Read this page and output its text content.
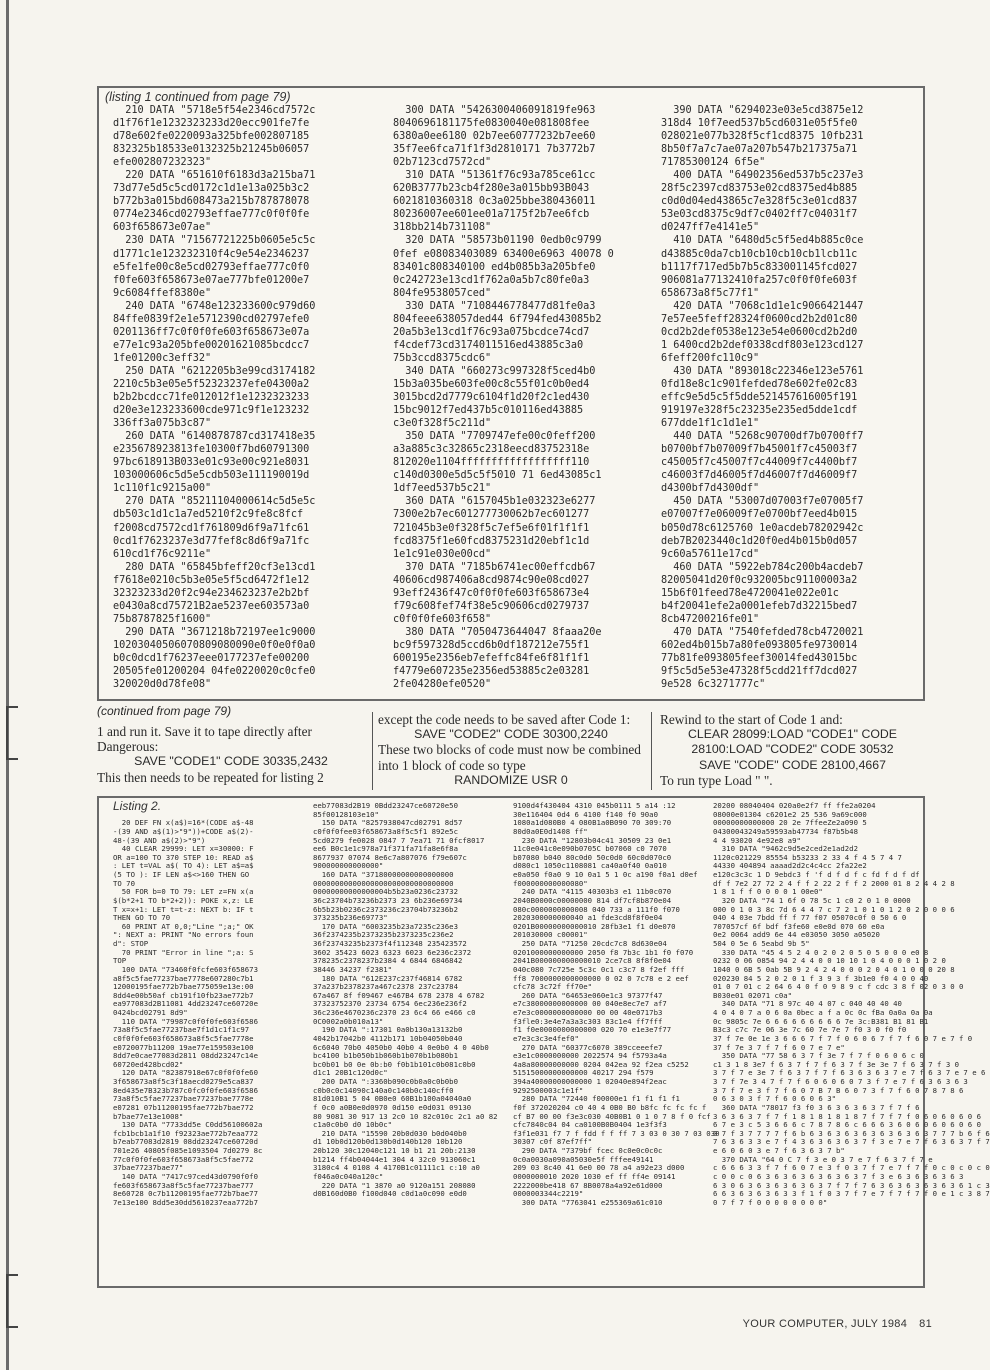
(listing 1 continued from page 79)
210 DATA "5718e5f54e2346cd7572c
d1f76f1e1232323233d20ecc901fe7fe
d78e602fe0220093a325bfe002807185
832325b18533e0132325b21245b06057
efe002807232323"
220 DATA "651610f6183d3a215ba71
73d77e5d5c5cd0172c1d1e13a025b3c2
b772b3a015bd608473a215b787878078
0774e2346cd02793effae777c0f0f0fe
603f658673e07ae"
230 DATA "71567721225b0605e5c5c
d1771c1e123232310f4c9e54e2346237
e5fe1fe00c8e5cd02793effae777c0f0
f0fe603f658673e07ae777bfe01200e7
9c6084ffef8380e"
240 DATA "6748e123233600c979d60
84ffe0839f2e1e5712390cd02797efe0
0201136ff7c0f0f0fe603f658673e07a
e77e1c93a205bfe00201621085bcdcc7
1fe01200c3eff32"
250 DATA "6212205b3e99cd3174182
2210c5b3e05e5f52323237efe04300a2
b2b2bcdcc71fe012012f1e1232323233
d20e3e123233600cde971c9f1e123232
336ff3a075b3c87"
260 DATA "6140878787cd317418e35
e235678923813fe10300f7bd60791300
97bc618913B033e01c93e00c921e8031
103000606c5d5e5cdb503e111190019d
1c110f1c9215a00"
270 DATA "85211104000614c5d5e5c
db503c1d1c1a7ed5210f2c9fe8c8fcf
f2008cd7572cd1f761809d6f9a71fc61
0cd1f7623237e3d77fef8c8d6f9a71fc
610cd1f76c9211e"
280 DATA "65845bfeff20cf3e13cd1
f7618e0210c5b3e05e5f5cd6472f1e12
32323233d20f2c94e234623237e2b2bf
e0430a8cd75721B2ae5237ee603573a0
75b8787825f1600"
290 DATA "3671218b72197ee1c9000
10203040506070809080090e0f0e0f0a0
b0c0dcd1f76237eee0177237efe00200
20505fe01200204 04fe0220020c0cfe0
320020d0d78fe08"
300 DATA "5426300406091819fe963
8040696181175fe0830040e081808fee
6380a0ee6180 02b7ee60777232b7ee60
35f7ee6fca71f1f3d2810171 7b3772b7
02b7123cd7572cd"
310 DATA "51361f76c93a785ce61cc
620B3777b23cb4f280e3a015bb93B043
6021810360318 0c3a025bbe380436011
80236007ee601ee01a7175f2b7ee6fcb
318bb214b731108"
320 DATA "58573b01190 0edb0c9799
0fef e08083403089 63400e6963 40078 0
83401c808340100 ed4b085b3a205bfe0
0c242723e13cd1f762a0a5b7c80fe0a3
804fe9538057ced"
330 DATA "7108446778477d81fe0a3
804feee638057ded44 6f794fed43085b2
20a5b3e13cd1f76c93a075bcdce74cd7
f4cdef73cd3174011516ed43885c3a0
75b3ccd8375cdc6"
340 DATA "660273c997328f5ced4b0
15b3a035be603fe00c8c55f01c0b0ed4
3015bcd2d7779c6104f1d20f2c1ed430
15bc9012f7ed437b5c010116ed43885
c3e0f328f5c211d"
350 DATA "7709747efe00c0feff200
a3a885c3c32865c2318eecd83752318e
812020e1104ffffffffffffffffff110
c140d0300e5d5c5f5010 71 6ed43085c1
1df7eed537b5c21"
360 DATA "6157045b1e032323e6277
7300e2b7ec601277730062b7ec601277
721045b3e0f328f5c7ef5e6f01f1f1f1
fcd8375f1e60fcd8375231d20ebf1c1d
1e1c91e030e00cd"
370 DATA "7185b6741ec00effcdb67
40606cd987406a8cd9874c90e08cd027
93eff2436f47c0f0f0fe603f658673e4
f79c608fef74f38e5c90606cd0279737
c0f0f0fe603f658"
380 DATA "7050473644047 8faaa20e
bc9f597328d5ccd6b0df187212e755f1
600195e2356eb7efeffc84fe6f81f1f1
f4779e607235e2356ed53885c2e03281
2fe04280efe0520"
390 DATA "6294023e03e5cd3875e12
318d4 10f7eed537b5cd6031e05f5fe0
028021e077b328f5cf1cd8375 10fb231
8b50f7a7c7ae07a207b547b217375a71
71785300124 6f5e"
400 DATA "64902356ed537b5c237e3
28f5c2397cd83753e02cd8375ed4b885
c0d0d04ed43865c7e328f5c3e01cd837
53e03cd8375c9df7c0402ff7c04031f7
d0247ff7e4141e5"
410 DATA "6480d5c5f5ed4b885c0ce
d43885c0da7cb10cb10cb10cb1lcb11c
b1117f717ed5b7b5c833001145fcd027
906081a77132410fa257c0f0f0fe603f
658673a8f5c77f1"
420 DATA "7068c1d1e1c9066421447
7e57ee5feff28324f0600cd2b2d01c80
0cd2b2def0538e123e54e0600cd2b2d0
1 6400cd2b2def0338cdf803e123cd127
6feff200fc110c9"
430 DATA "893018c22346e123e5761
0fd18e8c1c901fefded78e602fe02c83
effc9e5d5c5f5dde521457616005f191
919197e328f5c23235e235ed5dde1cdf
677dde1f1c1d1e1"
440 DATA "5268c90700df7b0700ff7
b0700bf7b07009f7b45001f7c45003f7
c45005f7c45007f7c44009f7c4400bf7
c46003f7d46005f7d46007f7d46009f7
d4300bf7d4300df"
450 DATA "53007d07003f7e07005f7
e07007f7e06009f7e0700bf7eed4b015
b050d78c6125760 1e0acdeb78202942c
deb7B2023440c1d20f0ed4b015b0d057
9c60a57611e17cd"
460 DATA "5922eb784c200b4acdeb7
82005041d20f0c932005bc91100003a2
15b6f01feed78e4720041e022e01c
b4f20041efe2a0001efeb7d32215bed7
8cb47200216fe01"
470 DATA "7540fefded78cb4720021
602ed4b015b7a80fe093805fe9730014
77b81fe093805feef30014fed43015bc
9f5c5d5e53e47328f5cdd21ff7dcd027
9e528 6c3271777c"
(continued from page 79)
1 and run it. Save it to tape directly after Dangerous:
SAVE "CODE1" CODE 30335,2432
This then needs to be repeated for listing 2
except the code needs to be saved after Code 1:
SAVE "CODE2" CODE 30300,2240
These two blocks of code must now be combined into 1 block of code so type
RANDOMIZE USR 0
Rewind to the start of Code 1 and:
CLEAR 28099:LOAD "CODE1" CODE
28100:LOAD "CODE2" CODE 30532
SAVE "CODE" CODE 28100,4667
To run type Load " ".
Listing 2.

20 DEF FN x(a$)=16*(CODE a$-48
-(39 AND a$(1)>"9"))+CODE a$(2)-
48-(39 AND a$(2)>"9")
40 CLEAR 29999: LET x=30000: F
OR a=100 TO 370 STEP 10: READ a$
: LET t=VAL a$( TO 4): LET a$=a$
(5 TO ): IF LEN a$<>160 THEN GO
TO 70
50 FOR b=0 TO 79: LET z=FN x(a
$(b*2+1 TO b*2+2)): POKE x,z: LE
T x=x+1: LET t=t-z: NEXT b: IF t
THEN GO TO 70
60 PRINT AT 0,0;"Line ";a;" OK
": NEXT a: PRINT "No errors foun
d": STOP
70 PRINT "Error in line ";a: S
TOP
100 DATA "73460f0fcfe603f658673
a8f5c5fae77237bae7778e607280c7b1
12000195fae772b7bae775059e13e:00
8dd4e00b50af cb191f10fb23ae772b7
ea977083d2B11081 4dd23247ce60720e
0424bcd02791 8d9"
110 DATA "79987c0f0f0fe603f6586
73a8f5c5fae77237bae7f1d1c1f1c97
c0f0f0fe603f658673a8f5c5fae7778e
e0720077b11200 19ae77e159503e100
8dd7e0cae77083d2811 08dd23247c14e
60720ed428bcd02"
120 DATA "82387918e67c0f0f0fe60
3f658673a8f5c3f18aecd0279e5ca837
8ed435e7B323b787c0fc0f0fe603f6586
73a8f5c5fae77237bae77237bae7778e
e07281 07b11200195fae772b7bae772
b7bae77e13e1008"
130 DATA "7733dd5e C0dd56100602a
fcb1bcb1a1f10 f92323ae772b7eaa772
b7eab77083d2819 08dd23247ce60720d
701e26 40805f085e1093504 7d0279 8c
77c0f0f0fe603f658673a8f5c5fae772
37bae77237bae77"
140 DATA "7417c97ced43d0790f0f0
fe603f658673a8f5c5fae77237bae777
8e60728 0c7b11200195fae772b7bae77
7e13e100 8dd5e30dd5610237eaa772b7
eeb77083d2B19 0Bdd23247ce60720e50
85f00128103e10"
150 DATA "8257938047cd02791 8d57
c0f0f0fee03f658673a8f5c5f1 892e5c
5cd0279 fe0028 0847 7 7ea71 71 0fcf8017
ee6 B0c1e1c978a71f371fa71fa8e6f8a
8677937 07074 8e6c7a807076 f79e607c
900000000000000"
160 DATA "37180000000000000000
00000000000000000000000000000000
00000000000000004b5b23a0236c23732
36c23704b73236b2373 23 6b236e69734
6b5b23b0236c2373236c23704b73236b2
373235b236e69773"
170 DATA "6003235b23a7235c236e3
36f2374235b2373235b2373235c236e2
36f23743235b2373f4f112348 235423572
3602 35423 6023 6323 6023 6e236c2372
378235c2378237b2384 4 6844 6846842
38446 34237 f2381"
180 DATA "612E237c237f46814 6782
37a237b2378237a467c2378 237c23784
67a467 8f f09467 e467B4 678 2378 4 6782
37323752370 23734 6754 6ec236e236f2
36c236e4670236c2370 23 6c4 66 e466 c0
0C0002a0b010a13"
190 DATA ":17301 0a0b130a13132b0
4042b17042b0 4112b171 10b04050b040
6c6040 70b0 4050b0 40b0 4 0e0b0 4 0 40b0
bc4100 b1b050b1b060b1b070b1b080b1
bc0b01 b0 0e 0b:b0 f0b1b101c0b081c0b0
d1c1 20B1c120d0c"
200 DATA ":3360b090c0b0a0c0b0b0
c0b0c0c14090c140a0c140b0c140cff0
81d010B1 5 04 0B0e0 60B1b100a04040a0
f 0c0 a0B0e0d0970 0d150 e0d031 09130
80 9081 30 917 13 2c0 10 82c010c 2c1 a0 82
c1a0c0b0 d0 10b0c"
210 DATA "15590 20b0d030 b0d040b0
d1 10b0d120b0d130b0d140b120 10b120
20b120 30c12040c121 10 b1 21 20b:2130
b1214 ff4b04044e1 304 4 32c0 913060c1
3180c4 4 0108 4 4170B1c01111c1 c:10 a0
f046a0c040a120c"
220 DATA "1 3870 a0 9120a151 208080
d0B160d0B0 f100d040 c0d1a0c090 e0d0
9100d4f430404 4310 045b0111 5 a14 :12
30e116404 0d4 6 4100 f140 f0 90a0
1080a1d080B0 4 080B1a0B090 70 309:70
80d0a0E0d1408 ff"
230 DATA "12803b04c41 30509 23 0e1
11c0e041c0e090b0705C b07060 c0 7070
b07080 b040 80c0d0 50c0d0 60c0d070c0
d080c1 1050c1108081 ca40a0f40 0a010
e0a050 f0a0 9 10 0a1 5 1 0c a190 f0a1 d0ef
f000000000000080"
240 DATA "4115 40303b3 e1 11b0c070
2040B0000c00000000 814 df7cf8b870e04
080c0000000000008 040 733 a 111f0 f070
2020300000000040 a1 fde3cd8f8f0e04
0201B00000000000010 28fb3e1 f1 d0e070
201030000 c00001"
250 DATA "71250 20cdc7c8 8d630e04
0201000000000000 2050 f8 7b3c 1b1 f0 f070
2041B000000000000010 2ce7c8 8f8f0e04
040c080 7c725e 5c3c 0c1 c3c7 8 f2ef fff
ff8 7000000000000000 0 02 0 7c78 e 2 eef
cfc78 3c72f ff70e"
260 DATA "64653e060e1c3 97377f47
e7c38000000000000 00 040e8ec7e7 af7
e7e3c0000000000000 00 00 40e0717b3
f3fle0:3e4e7a3a3c303 83c1e4 ff7fff
f1 f0e0000000000000 020 70 e1e3e7f77
e7e3c3c3e4fef0"
270 DATA "60377c6070 389cceeefe7
e3e1c0000000000 2022574 94 f5793a4a
4a8a80000000000 0204 042ea 92 f2ea c5252
51515000000000000 40217 294 f579
394a40000000000000 1 02040e894f2eac
9292500003c1e1f"
280 DATA "72440 f00000e1 f1 f1 f1 f1
f0f 372020204 c0 40 4 0B0 B0 b8fc fc fc fc f
cf B7 00 00 f3e3c030 40B0B1 0 1 0 7 8 f 0 fcf
cfc7840c04 04 ca0100B0B0404 1e3f3f3
f3f1e031 f7 7 f fdd f f ff 7 3 03 0 30 7 03 030
30307 c0f 87ef7ff"
290 DATA "7379bf fcec 0c0e0c0c0c
0c0a0030a090a05030e5f fffee49141
209 03 8c40 41 6e0 00 78 a4 a92e23 d000
0000000010 2020 1030 ef ff ff4e 09141
2222000be418 67 8B0078a4a92e61d000
0000003344c2219"
300 DATA "7763041 e255369a61c010
20200 08040404 020a0e2f7 ff ffe2a0204
08000e01304 c6201e2 25 536 9a69c000
00000000000000 20 2e 7ffeeZe2a090 5
04300043249a59593ab47734 f87b5b48
4 4 93020 4e92e8 a9"
310 DATA "9462c9d5e2ced2e1ad2d2
1120c021229 85554 b53233 2 33 4 f 4 5 7 4 7
44330 404894 aaaad2d2c4c4cc 2fa22e2
e120c3c3c 1 D 9ebdc3 f 'f d f d f c fd f d f df
df f 7e2 27 72 2 4 f f 2 22 2 f f 2 2000 01 8 2 4 4 2 8
1 8 1 f f 0 0 0 0 1 00e0"
320 DATA "74 1 6f 0 78 5c 1 c0 2 0 1 0 0000
000 0 1 0 3 8c 7d 6 4 4 7 c 7 2 1 0 1 0 1 2 0 2 0 0 0 6
040 4 03e 7bdd ff f 77 f07 05070c0f 0 50 6 0
707057cf 6f bdf f3fe60 e0e0d 070 60 e0a
0e2 0064 add9 6e 44 e03050 3050 a05020
504 0 5e 6 5eabd 9b 5"
330 DATA "45 4 5 2 4 0 2 0 2 0 5 0 5 0 0 0 e0 8
0232 0 06 0854 94 2 4 4 0 0 10 10 1 0 4 0 0 0 1 0 2 0
1040 0 6B 5 0ab 5B 9 2 4 2 4 0 0 0 2 0 4 0 1 0 0 0 20 8
020230 84 5 2 0 2 0 1 f 3 9 3 f 3b1e0 f0 4 0 0 40
01 0 7 01 c 2 64 6 4 0 f 0 9 8 9 c f cdc 3 8 f 02 0 3 0 0
B030e01 02071 c0a"
340 DATA "71 8 97c 40 4 07 c 040 40 40 40
4 0 4 0 7 a 0 6 0a 0bec a f a 0c 0c fBa 0a0a 0a 0a
0c 9805c 7e 6 6 6 6 6 6 6 6 6 7e 3c:B381 B1 81 B1
B3c3 c7c 7e 06 3e 7c 60 7e 7e 7 f0 3 0 f0 f0
37 f 7e 0e 1e 3 6 6 6 7 f 7 f 0 6 0 6 7 f 7 f 6 0 7 e 7 f 0
37 f 7e 3 7 f 7 f 6 0 7 e 7 e"
350 DATA "77 58 6 3 7 f 3e 7 f 7 f 0 6 0 6 c 0
c1 3 1 8 3e7 f 6 3 7 f 7 f 6 3 7 f 3e 3e 7 f 6 3 7 f 3 0
3 7 f 7 e 3e 7 f 6 3 7 f 7 f 6 3 6 3 6 3 7 e 7 f 6 3 7 e 7 e 6
3 7 f 7e 3 4 7 f 7 f 6 0 6 0 6 0 7 3 f 7 e 7 f 6 3 6 3 6 3
3 7 f 7 e 3 f 7 f 6 0 7 B 7 B 6 0 7 3 f 7 f 6 0 7 8 7 8 6
0 6 3 0 3 f 7 f 6 0 6 0 6 3"
360 DATA "78017 f3 f0 3 6 3 6 3 6 3 7 f 7 f 6
3 6 3 6 3 7 f 7 f 1 8 1 8 1 8 1 8 7 f 7 f 7 f 0 6 0 6 0 6 0 6
6 7 e 3 c 5 3 6 6 6 c 7 8 7 8 6 c 6 6 6 3 6 0 6 0 6 0 6 0 6 0
0 7 f 3 7 7 7 7 f 6 b 6 3 6 3 6 3 6 3 6 3 6 3 6 3 7 7 7 b 6 f 6
7 6 3 6 3 3 e 7 f 4 3 6 3 6 3 6 3 7 f 3 e 7 e 7 f 6 3 6 3 7 f 7
e 6 0 6 0 3 e 7 f 6 3 6 3 7 b"
370 DATA "64 0 C 7 f 3 e 0 3 7 e 7 f 6 3 7 f 7 e
c 6 6 6 3 3 f 7 f 6 0 7 e 3 f 0 3 7 f 7 e 7 f 7 f 0 c 0 c 0 c 0
c 0 0 c 0 6 3 6 3 6 3 6 3 6 3 6 3 7 f 3 e 6 3 6 3 6 3 6 3
6 3 0 6 3 6 3 6 3 6 3 6 3 7 f 7 f 7 6 3 6 3 6 3 6 3 6 3 6 1 c 3
6 6 3 6 3 6 3 6 3 3 f 1 f 0 3 7 f 7 e 7 f 7 f 7 f 0 e 1 c 3 8 7
0 7 f 7 f 0 0 0 0 0 0 0 0"
YOUR COMPUTER, JULY 1984 81
